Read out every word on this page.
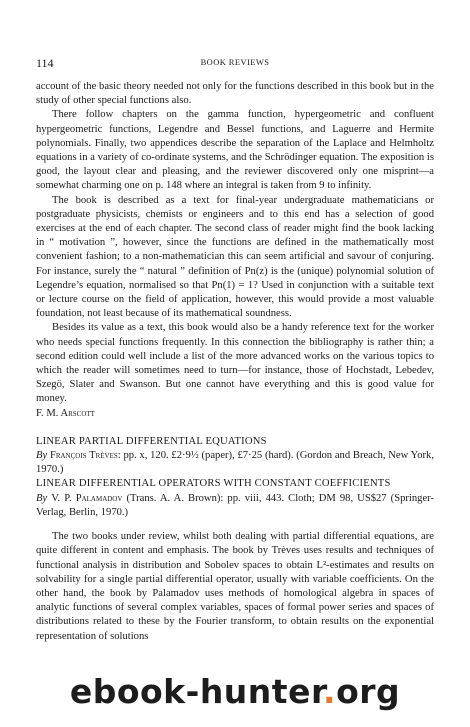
114	BOOK REVIEWS

account of the basic theory needed not only for the functions described in this book but in the study of other special functions also.

There follow chapters on the gamma function, hypergeometric and confluent hypergeometric functions, Legendre and Bessel functions, and Laguerre and Hermite polynomials. Finally, two appendices describe the separation of the Laplace and Helmholtz equations in a variety of co-ordinate systems, and the Schrödinger equation. The exposition is good, the layout clear and pleasing, and the reviewer discovered only one misprint—a somewhat charming one on p. 148 where an integral is taken from 9 to infinity.

The book is described as a text for final-year undergraduate mathematicians or postgraduate physicists, chemists or engineers and to this end has a selection of good exercises at the end of each chapter. The second class of reader might find the book lacking in “ motivation ”, however, since the functions are defined in the mathematically most convenient fashion; to a non-mathematician this can seem artificial and savour of conjuring. For instance, surely the “ natural ” definition of Pn(z) is the (unique) polynomial solution of Legendre’s equation, normalised so that Pn(1) = 1? Used in conjunction with a suitable text or lecture course on the field of application, however, this would provide a most valuable foundation, not least because of its mathematical soundness.

Besides its value as a text, this book would also be a handy reference text for the worker who needs special functions frequently. In this connection the bibliography is rather thin; a second edition could well include a list of the more advanced works on the various topics to which the reader will sometimes need to turn—for instance, those of Hochstadt, Lebedev, Szegö, Slater and Swanson. But one cannot have everything and this is good value for money.

F. M. Arscott

LINEAR PARTIAL DIFFERENTIAL EQUATIONS

By François Trèves: pp. x, 120. £2·9½ (paper), £7·25 (hard). (Gordon and Breach, New York, 1970.)

LINEAR DIFFERENTIAL OPERATORS WITH CONSTANT COEFFICIENTS

By V. P. Palamadov (Trans. A. A. Brown): pp. viii, 443. Cloth; DM 98, US$27 (Springer-Verlag, Berlin, 1970.)

The two books under review, whilst both dealing with partial differential equations, are quite different in content and emphasis. The book by Trèves uses results and techniques of functional analysis in distribution and Sobolev spaces to obtain L²-estimates and results on solvability for a single partial differential operator, usually with variable coefficients. On the other hand, the book by Palamadov uses methods of homological algebra in spaces of analytic functions of several complex variables, spaces of formal power series and spaces of distributions related to these by the Fourier transform, to obtain results on the exponential representation of solutions

ebook-hunter.org
